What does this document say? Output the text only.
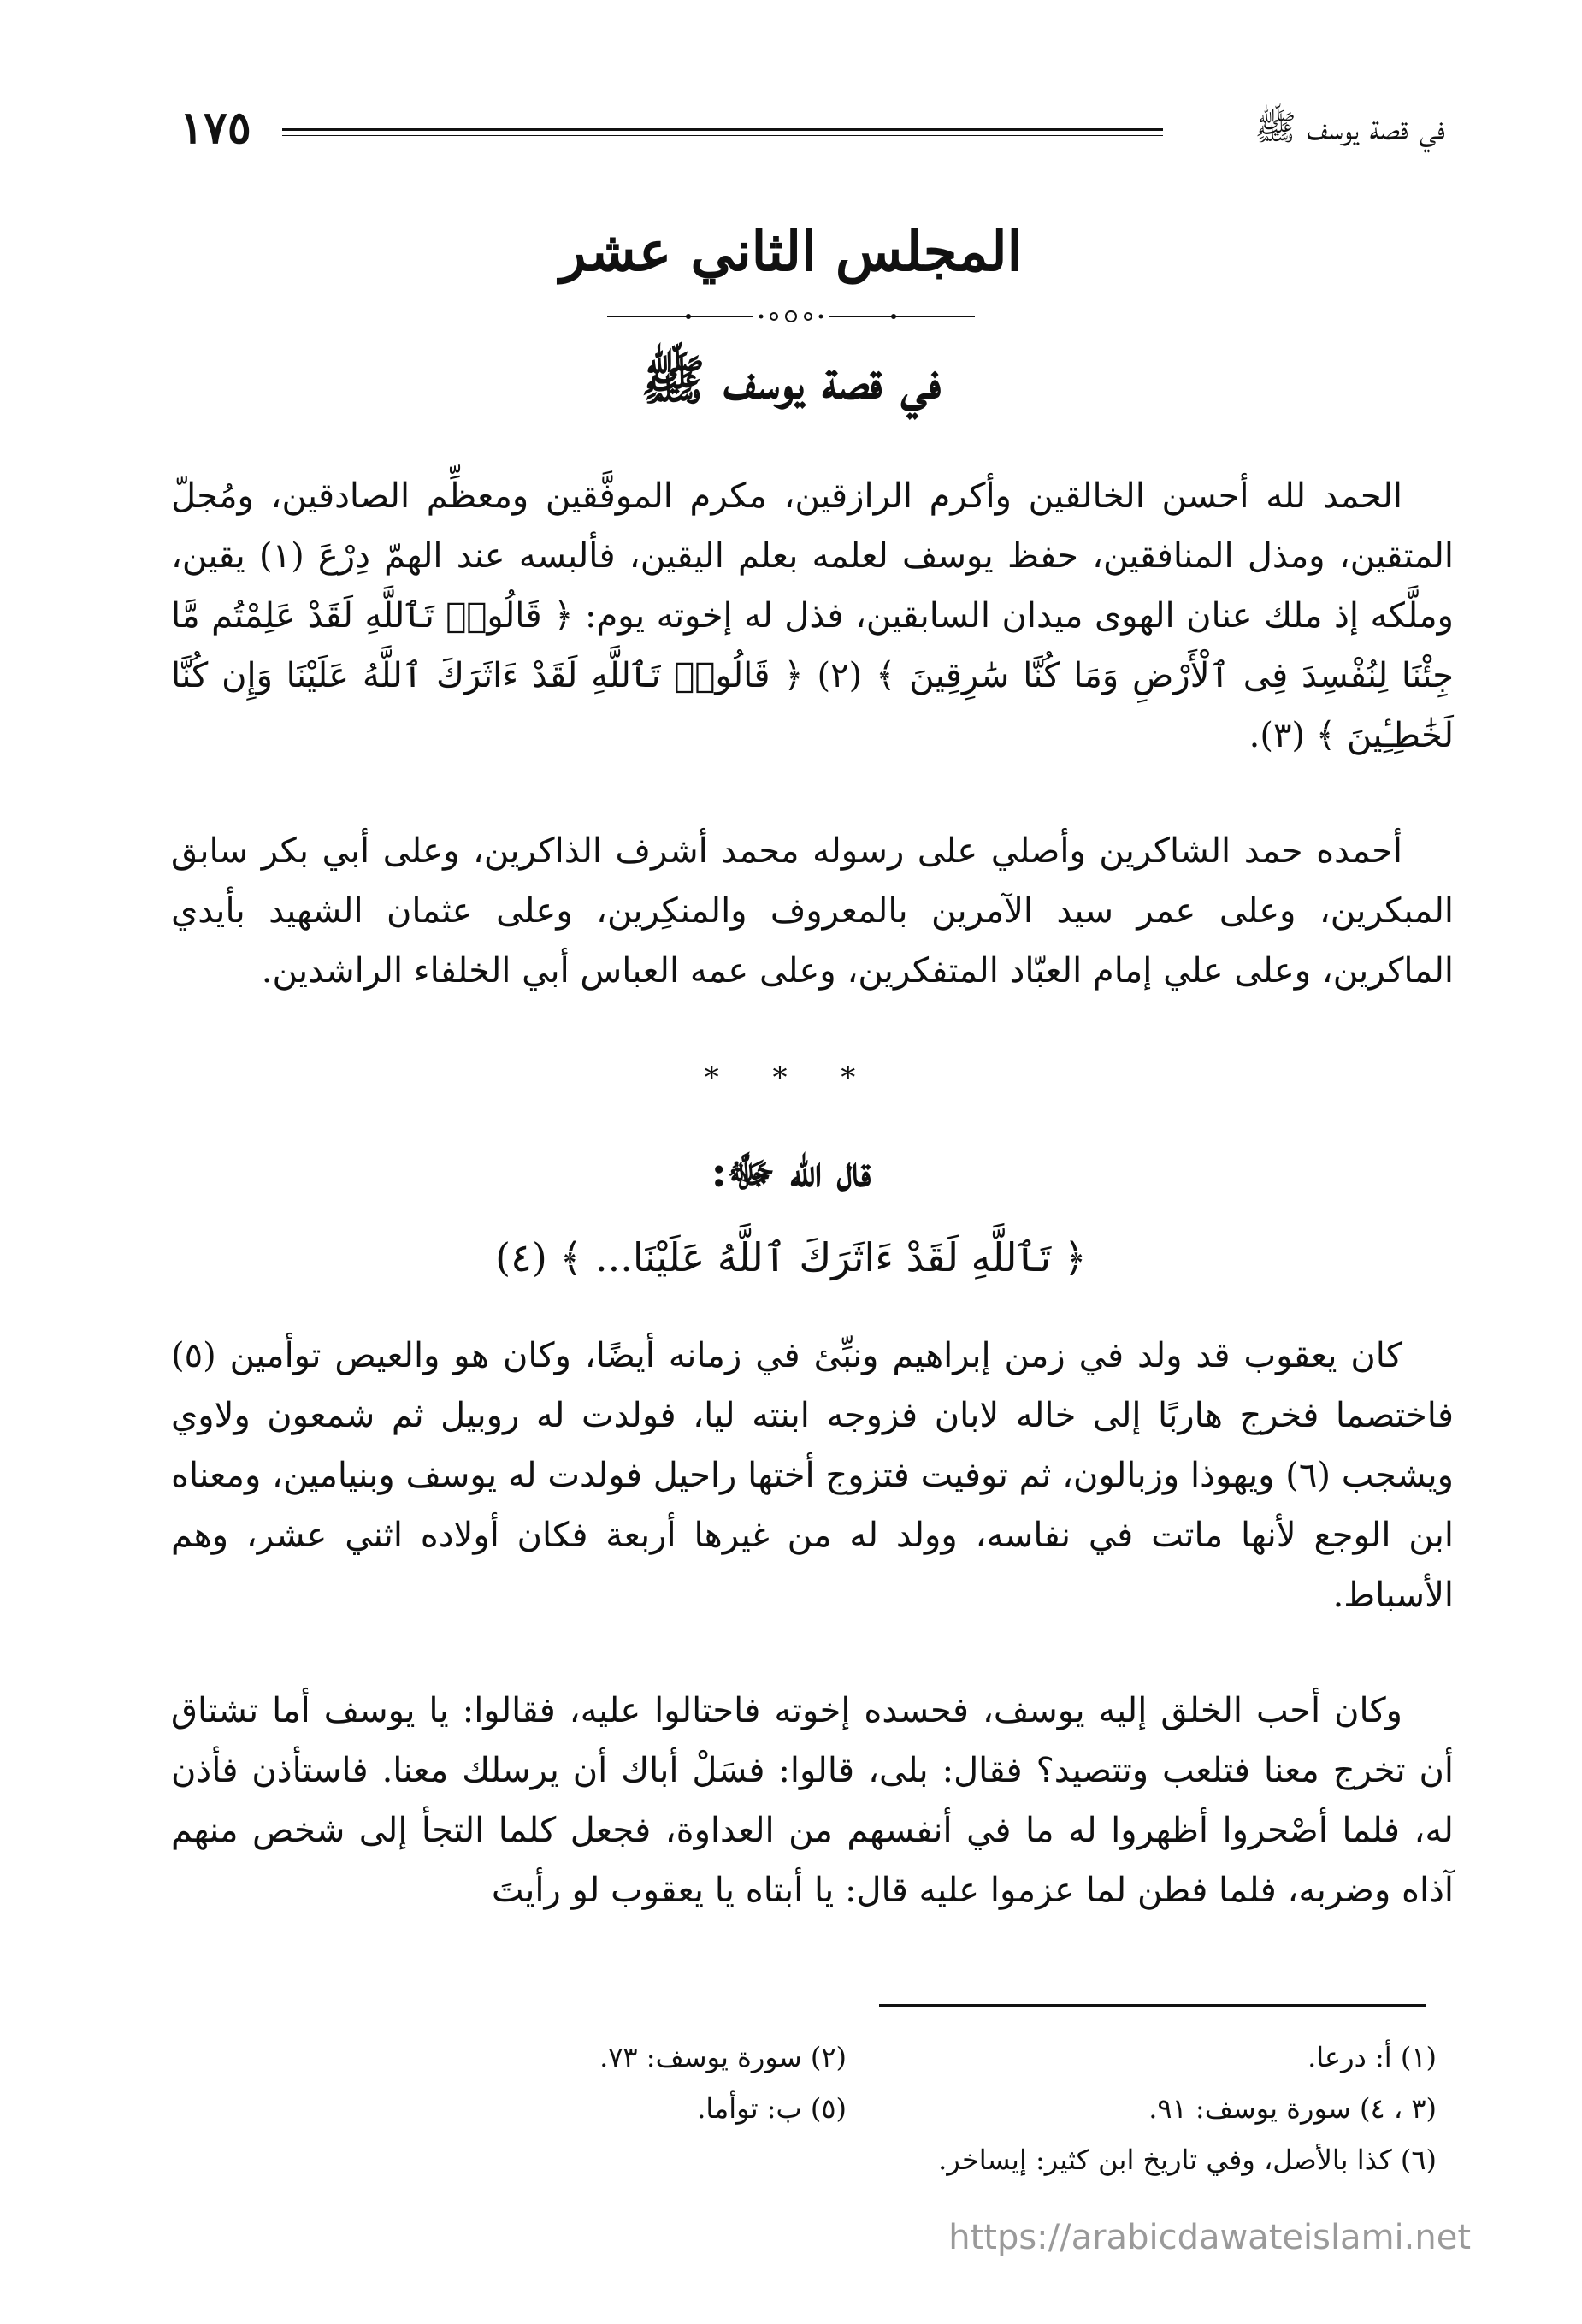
١٧٥	في قصة يوسف ﷺ
المجلس الثاني عشر
في قصة يوسف ﷺ

الحمد لله أحسن الخالقين وأكرم الرازقين، مكرم الموفَّقين ومعظِّم الصادقين، ومُجلّ المتقين، ومذل المنافقين، حفظ يوسف لعلمه بعلم اليقين، فألبسه عند الهمّ دِرْعَ (١) يقين، وملَّكه إذ ملك عنان الهوى ميدان السابقين، فذل له إخوته يوم: ﴿ قَالُوا۟ تَٱللَّهِ لَقَدْ عَلِمْتُم مَّا جِئْنَا لِنُفْسِدَ فِى ٱلْأَرْضِ وَمَا كُنَّا سَٰرِقِينَ ﴾ (٢) ﴿ قَالُوا۟ تَٱللَّهِ لَقَدْ ءَاثَرَكَ ٱللَّهُ عَلَيْنَا وَإِن كُنَّا لَخَٰطِـِٔينَ ﴾ (٣).

أحمده حمد الشاكرين وأصلي على رسوله محمد أشرف الذاكرين، وعلى أبي بكر سابق المبكرين، وعلى عمر سيد الآمرين بالمعروف والمنكِرين، وعلى عثمان الشهيد بأيدي الماكرين، وعلى علي إمام العبّاد المتفكرين، وعلى عمه العباس أبي الخلفاء الراشدين.

* * *
قال الله ﷻ:
﴿ تَٱللَّهِ لَقَدْ ءَاثَرَكَ ٱللَّهُ عَلَيْنَا... ﴾ (٤)

كان يعقوب قد ولد في زمن إبراهيم ونبِّئ في زمانه أيضًا، وكان هو والعيص توأمين (٥) فاختصما فخرج هاربًا إلى خاله لابان فزوجه ابنته ليا، فولدت له روبيل ثم شمعون ولاوي ويشجب (٦) ويهوذا وزبالون، ثم توفيت فتزوج أختها راحيل فولدت له يوسف وبنيامين، ومعناه ابن الوجع لأنها ماتت في نفاسه، وولد له من غيرها أربعة فكان أولاده اثني عشر، وهم الأسباط.

وكان أحب الخلق إليه يوسف، فحسده إخوته فاحتالوا عليه، فقالوا: يا يوسف أما تشتاق أن تخرج معنا فتلعب وتتصيد؟ فقال: بلى، قالوا: فسَلْ أباك أن يرسلك معنا. فاستأذن فأذن له، فلما أصْحروا أظهروا له ما في أنفسهم من العداوة، فجعل كلما التجأ إلى شخص منهم آذاه وضربه، فلما فطن لما عزموا عليه قال: يا أبتاه يا يعقوب لو رأيتَ

(١) أ: درعا.
(٢) سورة يوسف: ٧٣.
(٣ ، ٤) سورة يوسف: ٩١.
(٥) ب: توأما.
(٦) كذا بالأصل، وفي تاريخ ابن كثير: إيساخر.
https://arabicdawateislami.net
